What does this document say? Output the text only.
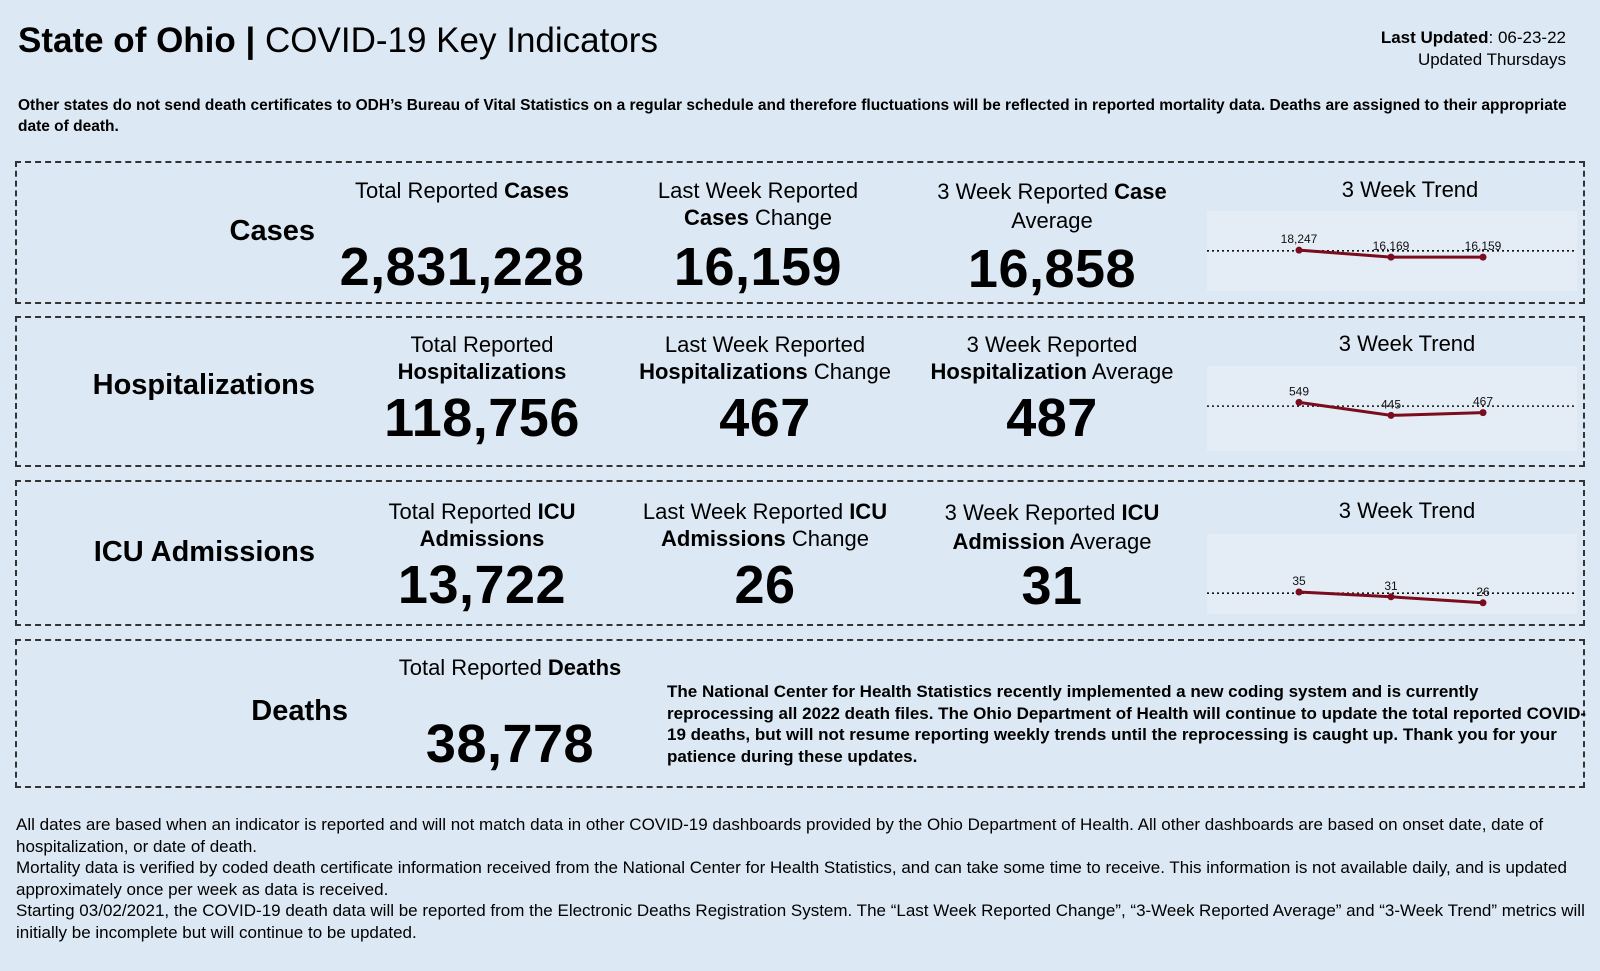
State of Ohio | COVID-19 Key Indicators	Last Updated: 06-23-22
Updated Thursdays
Other states do not send death certificates to ODH’s Bureau of Vital Statistics on a regular schedule and therefore fluctuations will be reflected in reported mortality data. Deaths are assigned to their appropriate date of death.
Cases
Total Reported Cases
2,831,228
Last Week Reported
Cases Change
16,159
3 Week Reported Case
Average
16,858
3 Week Trend
18,247	16,169	16,159
Hospitalizations
Total Reported
Hospitalizations
118,756
Last Week Reported
Hospitalizations Change
467
3 Week Reported
Hospitalization Average
487
3 Week Trend
549
445	467
ICU Admissions
Total Reported ICU
Admissions
13,722
Last Week Reported ICU
Admissions Change
26
3 Week Reported ICU
Admission Average
31
3 Week Trend
35	31	26
Deaths
Total Reported Deaths
38,778
The National Center for Health Statistics recently implemented a new coding system and is currently reprocessing all 2022 death files. The Ohio Department of Health will continue to update the total reported COVID-19 deaths, but will not resume reporting weekly trends until the reprocessing is caught up. Thank you for your patience during these updates.

All dates are based when an indicator is reported and will not match data in other COVID-19 dashboards provided by the Ohio Department of Health. All other dashboards are based on onset date, date of hospitalization, or date of death.

Mortality data is verified by coded death certificate information received from the National Center for Health Statistics, and can take some time to receive. This information is not available daily, and is updated approximately once per week as data is received.

Starting 03/02/2021, the COVID-19 death data will be reported from the Electronic Deaths Registration System. The “Last Week Reported Change”, “3-Week Reported Average” and “3-Week Trend” metrics will initially be incomplete but will continue to be updated.
